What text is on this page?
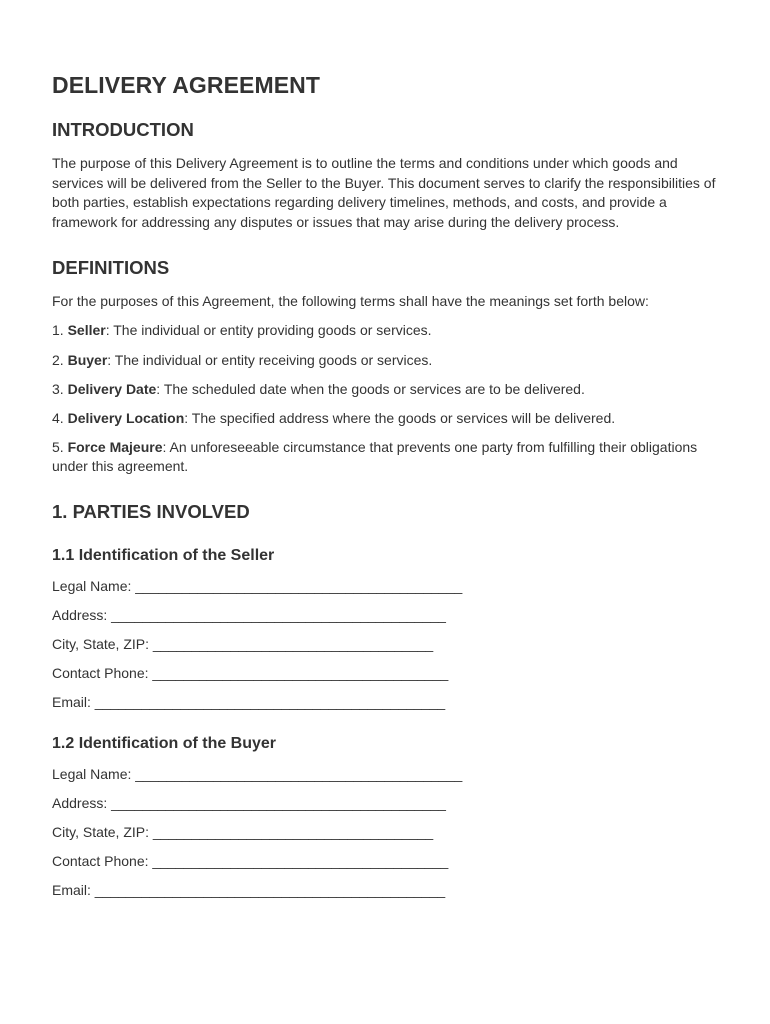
DELIVERY AGREEMENT
INTRODUCTION

The purpose of this Delivery Agreement is to outline the terms and conditions under which goods and services will be delivered from the Seller to the Buyer. This document serves to clarify the responsibilities of both parties, establish expectations regarding delivery timelines, methods, and costs, and provide a framework for addressing any disputes or issues that may arise during the delivery process.

DEFINITIONS

For the purposes of this Agreement, the following terms shall have the meanings set forth below:

1. Seller: The individual or entity providing goods or services.

2. Buyer: The individual or entity receiving goods or services.

3. Delivery Date: The scheduled date when the goods or services are to be delivered.

4. Delivery Location: The specified address where the goods or services will be delivered.

5. Force Majeure: An unforeseeable circumstance that prevents one party from fulfilling their obligations under this agreement.

1. PARTIES INVOLVED
1.1 Identification of the Seller

Legal Name: __________________________________________

Address: ___________________________________________

City, State, ZIP: ____________________________________

Contact Phone: ______________________________________

Email: _____________________________________________

1.2 Identification of the Buyer

Legal Name: __________________________________________

Address: ___________________________________________

City, State, ZIP: ____________________________________

Contact Phone: ______________________________________

Email: _____________________________________________
